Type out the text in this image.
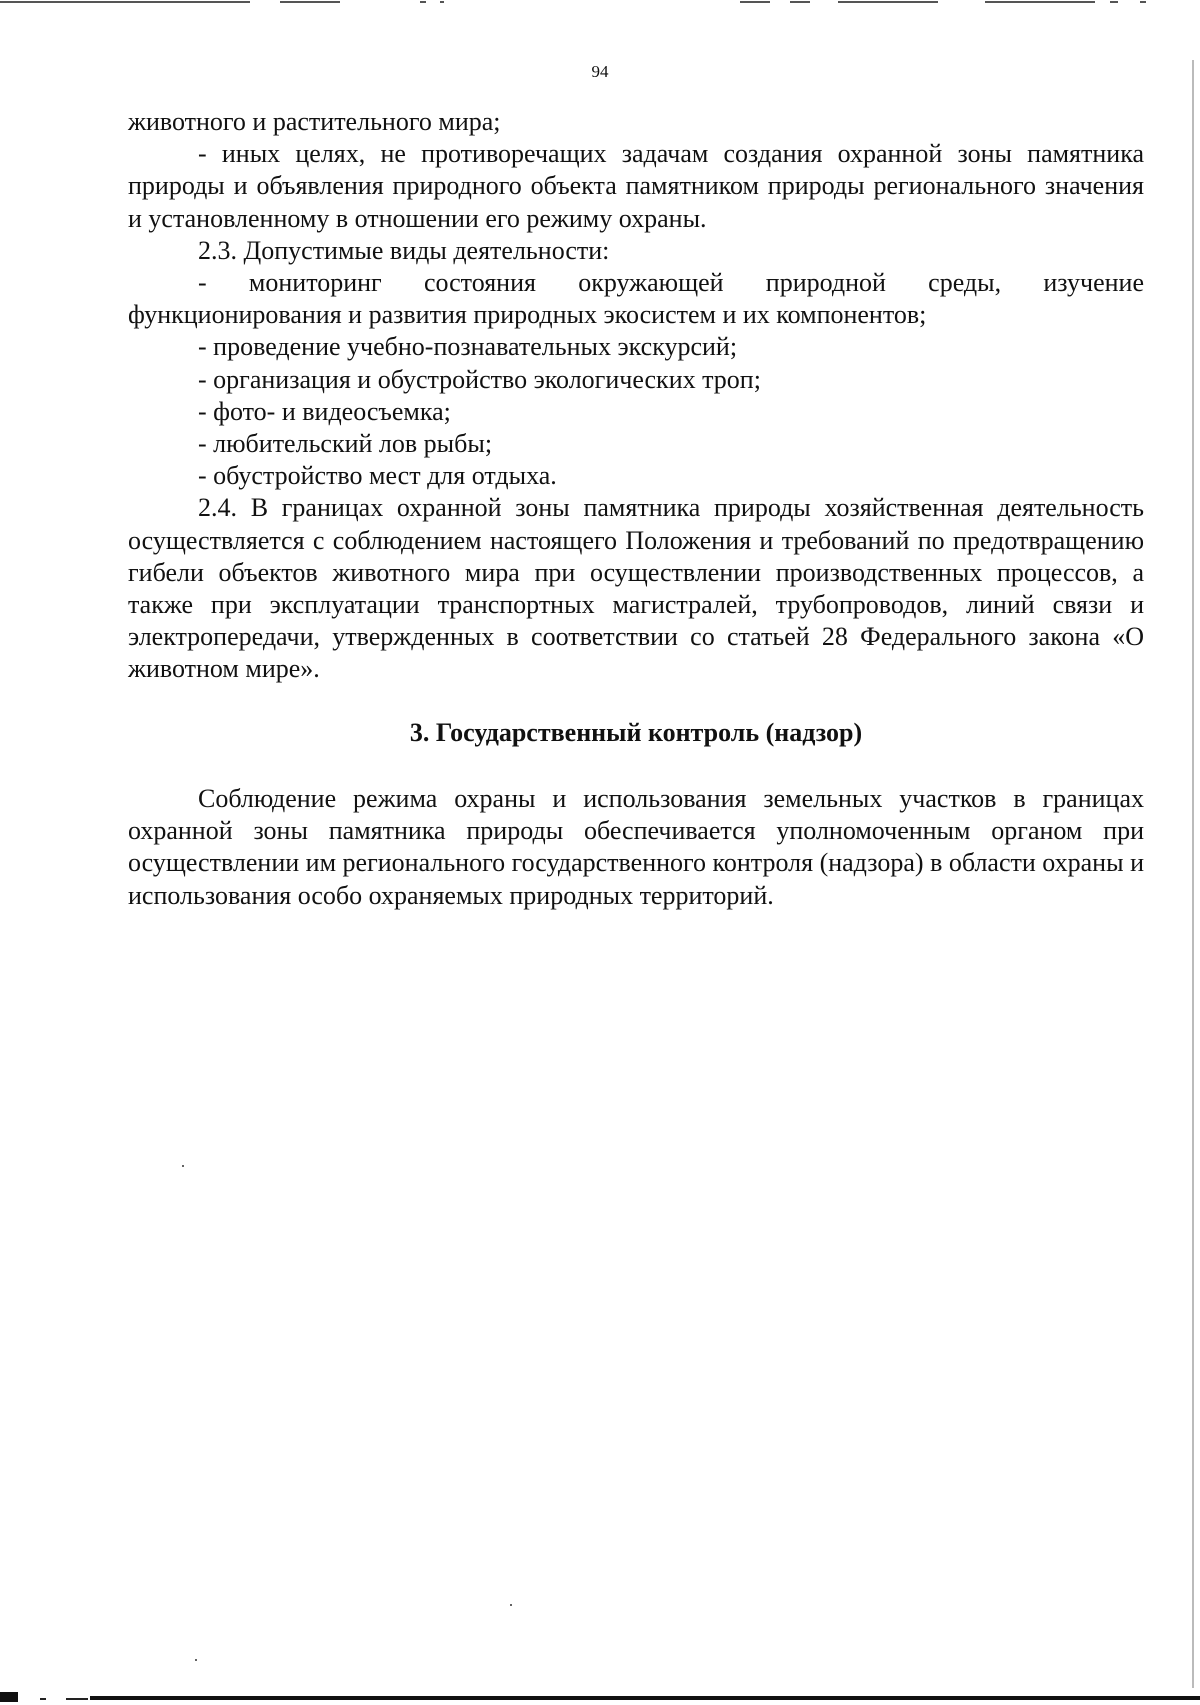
94

животного и растительного мира;

- иных целях, не противоречащих задачам создания охранной зоны памятника природы и объявления природного объекта памятником природы регионального значения и установленному в отношении его режиму охраны.

2.3. Допустимые виды деятельности:

- мониторинг состояния окружающей природной среды, изучение функционирования и развития природных экосистем и их компонентов;

- проведение учебно-познавательных экскурсий;

- организация и обустройство экологических троп;

- фото- и видеосъемка;

- любительский лов рыбы;

- обустройство мест для отдыха.

2.4. В границах охранной зоны памятника природы хозяйственная деятельность осуществляется с соблюдением настоящего Положения и требований по предотвращению гибели объектов животного мира при осуществлении производственных процессов, а также при эксплуатации транспортных магистралей, трубопроводов, линий связи и электропередачи, утвержденных в соответствии со статьей 28 Федерального закона «О животном мире».

3. Государственный контроль (надзор)

Соблюдение режима охраны и использования земельных участков в границах охранной зоны памятника природы обеспечивается уполномоченным органом при осуществлении им регионального государственного контроля (надзора) в области охраны и использования особо охраняемых природных территорий.
